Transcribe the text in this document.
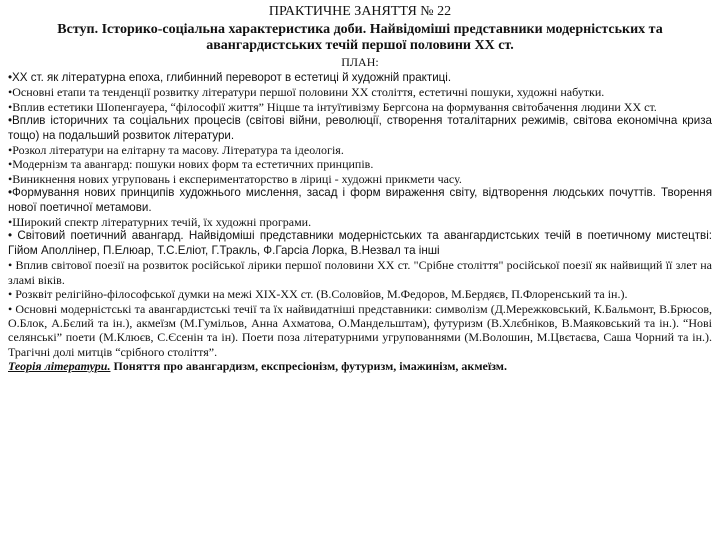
ПРАКТИЧНЕ ЗАНЯТТЯ № 22

Вступ. Історико-соціальна характеристика доби. Найвідоміші представники модерністських та авангардистських течій першої половини ХХ ст.

ПЛАН:

•ХХ ст. як літературна епоха, глибинний переворот в естетиці й художній практиці.

•Основні етапи та тенденції розвитку літератури першої половини ХХ століття, естетичні пошуки, художні набутки.

•Вплив естетики Шопенгауера, “філософії життя” Ніцше та інтуїтивізму Бергсона на формування світобачення людини ХХ ст.

•Вплив історичних та соціальних процесів (світові війни, революції, створення тоталітарних режимів, світова економічна криза тощо) на подальший розвиток літератури.

•Розкол літератури на елітарну та масову. Література та ідеологія.

•Модернізм та авангард: пошуки нових форм та естетичних принципів.

•Виникнення нових угруповань і експериментаторство в ліриці - художні прикмети часу.

•Формування нових принципів художнього мислення, засад і форм вираження світу, відтворення людських почуттів. Творення нової поетичної метамови.

•Широкий спектр літературних течій, їх художні програми.

• Світовий поетичний авангард. Найвідоміші представники модерністських та авангардистських течій в поетичному мистецтві: Гійом Аполлінер, П.Елюар, Т.С.Еліот, Г.Тракль, Ф.Гарсіа Лорка, В.Незвал та інші

• Вплив світової поезії на розвиток російської лірики першої половини ХХ ст. "Срібне століття" російської поезії як найвищий її злет на зламі віків.

• Розквіт релігійно-філософської думки на межі ХІХ-ХХ ст. (В.Соловйов, М.Федоров, М.Бердяєв, П.Флоренський та ін.).

• Основні модерністські та авангардистські течії та їх найвидатніші представники: символізм (Д.Мережковський, К.Бальмонт, В.Брюсов, О.Блок, А.Бєлий та ін.), акмеїзм (М.Гумільов, Анна Ахматова, О.Мандельштам), футуризм (В.Хлєбніков, В.Маяковський та ін.). “Нові селянські” поети (М.Клюєв, С.Єсенін та ін). Поети поза літературними угрупованнями (М.Волошин, М.Цвєтаєва, Саша Чорний та ін.). Трагічні долі митців “срібного століття”.

Теорія літератури. Поняття про авангардизм, експресіонізм, футуризм, імажинізм, акмеїзм.
